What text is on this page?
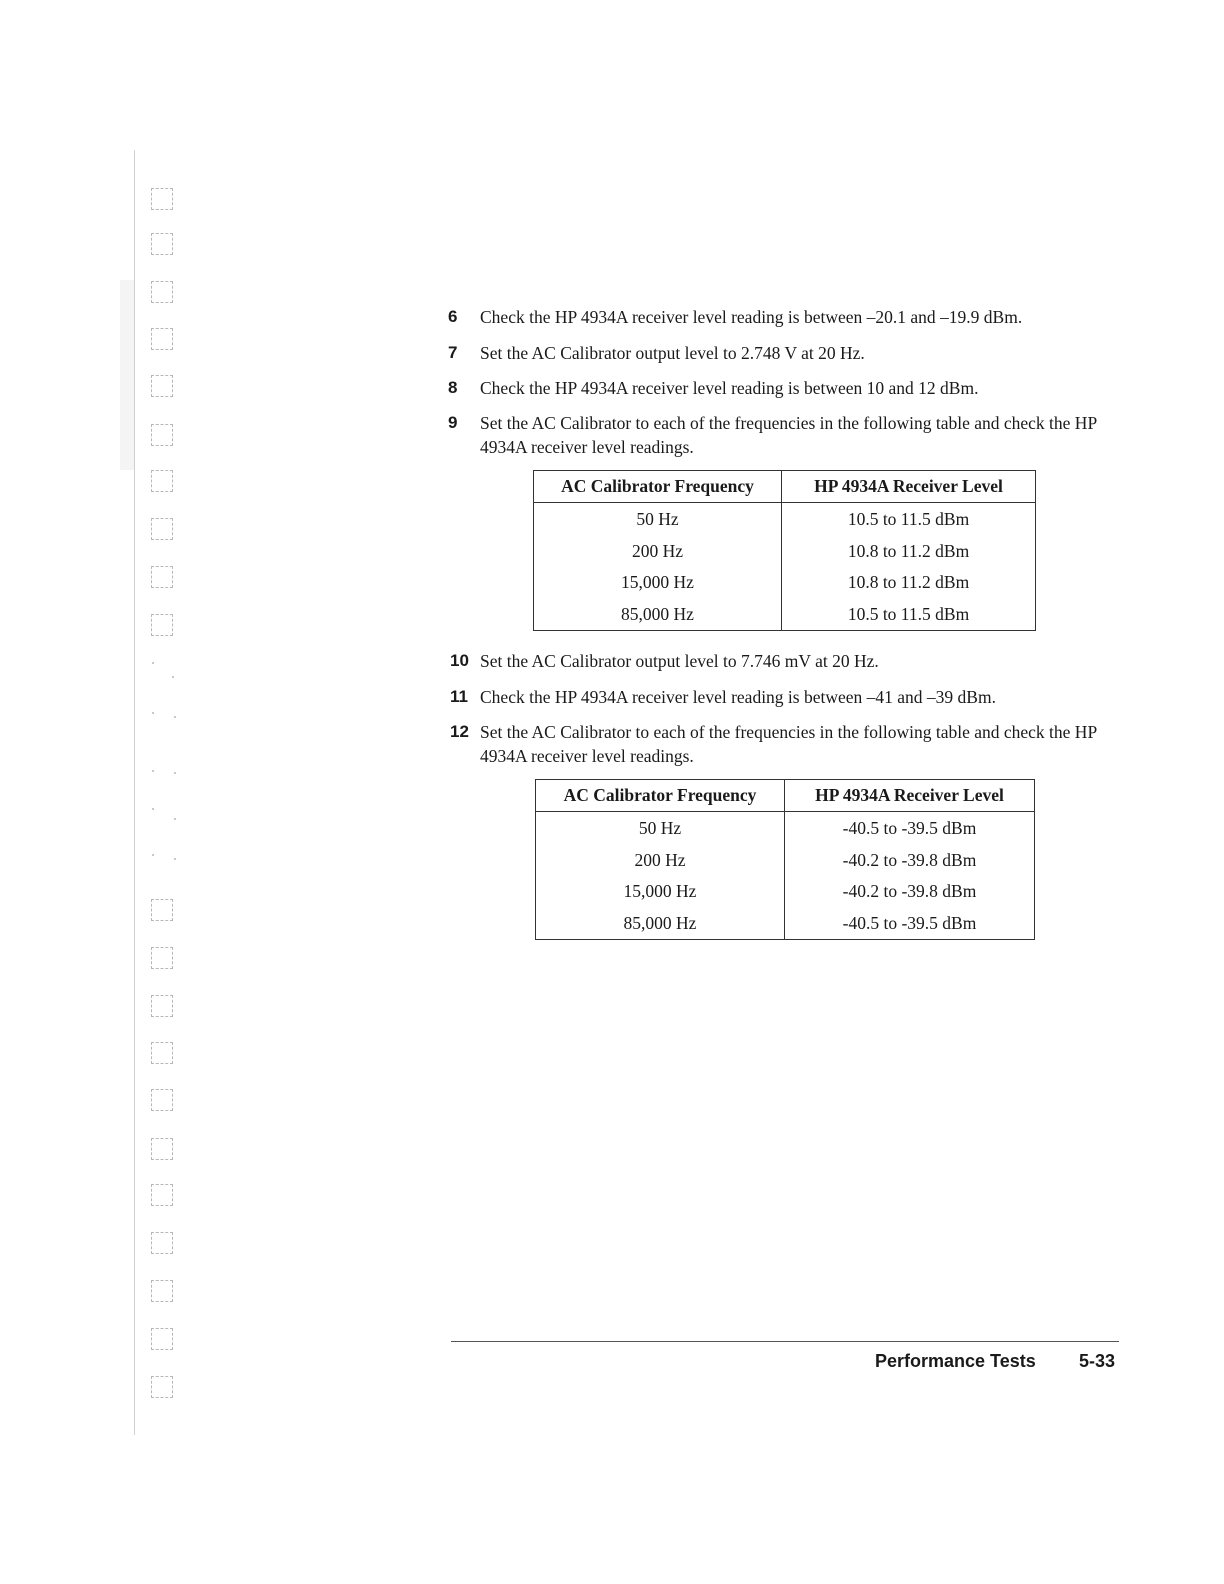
6	Check the HP 4934A receiver level reading is between –20.1 and –19.9 dBm.
7	Set the AC Calibrator output level to 2.748 V at 20 Hz.
8	Check the HP 4934A receiver level reading is between 10 and 12 dBm.
9	Set the AC Calibrator to each of the frequencies in the following table and check the HP 4934A receiver level readings.
AC Calibrator Frequency	HP 4934A Receiver Level
50 Hz	10.5 to 11.5 dBm
200 Hz	10.8 to 11.2 dBm
15,000 Hz	10.8 to 11.2 dBm
85,000 Hz	10.5 to 11.5 dBm
10 Set the AC Calibrator output level to 7.746 mV at 20 Hz.
11 Check the HP 4934A receiver level reading is between –41 and –39 dBm.
12 Set the AC Calibrator to each of the frequencies in the following table and check the HP 4934A receiver level readings.
AC Calibrator Frequency	HP 4934A Receiver Level
50 Hz	-40.5 to -39.5 dBm
200 Hz	-40.2 to -39.8 dBm
15,000 Hz	-40.2 to -39.8 dBm
85,000 Hz	-40.5 to -39.5 dBm
Performance Tests 5-33
